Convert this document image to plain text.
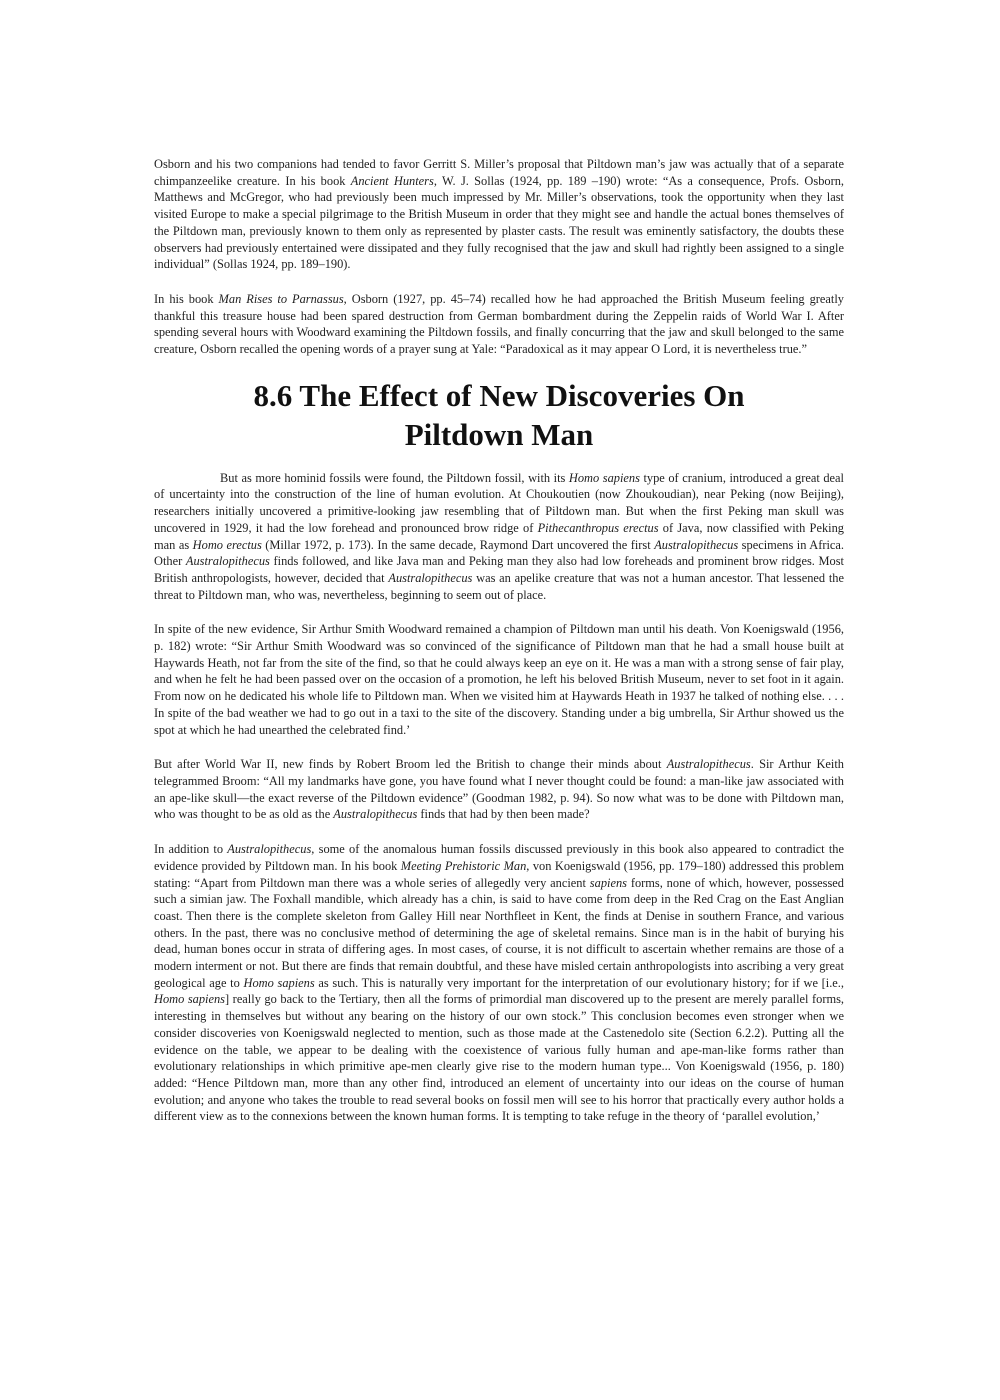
Osborn and his two companions had tended to favor Gerritt S. Miller’s proposal that Piltdown man’s jaw was actually that of a separate chimpanzeelike creature. In his book Ancient Hunters, W. J. Sollas (1924, pp. 189 –190) wrote: “As a consequence, Profs. Osborn, Matthews and McGregor, who had previously been much impressed by Mr. Miller’s observations, took the opportunity when they last visited Europe to make a special pilgrimage to the British Museum in order that they might see and handle the actual bones themselves of the Piltdown man, previously known to them only as represented by plaster casts. The result was eminently satisfactory, the doubts these observers had previously entertained were dissipated and they fully recognised that the jaw and skull had rightly been assigned to a single individual” (Sollas 1924, pp. 189–190).

In his book Man Rises to Parnassus, Osborn (1927, pp. 45–74) recalled how he had approached the British Museum feeling greatly thankful this treasure house had been spared destruction from German bombardment during the Zeppelin raids of World War I. After spending several hours with Woodward examining the Piltdown fossils, and finally concurring that the jaw and skull belonged to the same creature, Osborn recalled the opening words of a prayer sung at Yale: “Paradoxical as it may appear O Lord, it is nevertheless true.”

8.6 The Effect of New Discoveries On
Piltdown Man

But as more hominid fossils were found, the Piltdown fossil, with its Homo sapiens type of cranium, introduced a great deal of uncertainty into the construction of the line of human evolution. At Choukoutien (now Zhoukoudian), near Peking (now Beijing), researchers initially uncovered a primitive-looking jaw resembling that of Piltdown man. But when the first Peking man skull was uncovered in 1929, it had the low forehead and pronounced brow ridge of Pithecanthropus erectus of Java, now classified with Peking man as Homo erectus (Millar 1972, p. 173). In the same decade, Raymond Dart uncovered the first Australopithecus specimens in Africa. Other Australopithecus finds followed, and like Java man and Peking man they also had low foreheads and prominent brow ridges. Most British anthropologists, however, decided that Australopithecus was an apelike creature that was not a human ancestor. That lessened the threat to Piltdown man, who was, nevertheless, beginning to seem out of place.

In spite of the new evidence, Sir Arthur Smith Woodward remained a champion of Piltdown man until his death. Von Koenigswald (1956, p. 182) wrote: “Sir Arthur Smith Woodward was so convinced of the significance of Piltdown man that he had a small house built at Haywards Heath, not far from the site of the find, so that he could always keep an eye on it. He was a man with a strong sense of fair play, and when he felt he had been passed over on the occasion of a promotion, he left his beloved British Museum, never to set foot in it again. From now on he dedicated his whole life to Piltdown man. When we visited him at Haywards Heath in 1937 he talked of nothing else. . . . In spite of the bad weather we had to go out in a taxi to the site of the discovery. Standing under a big umbrella, Sir Arthur showed us the spot at which he had unearthed the celebrated find.’

But after World War II, new finds by Robert Broom led the British to change their minds about Australopithecus. Sir Arthur Keith telegrammed Broom: “All my landmarks have gone, you have found what I never thought could be found: a man-like jaw associated with an ape-like skull—the exact reverse of the Piltdown evidence” (Goodman 1982, p. 94). So now what was to be done with Piltdown man, who was thought to be as old as the Australopithecus finds that had by then been made?

In addition to Australopithecus, some of the anomalous human fossils discussed previously in this book also appeared to contradict the evidence provided by Piltdown man. In his book Meeting Prehistoric Man, von Koenigswald (1956, pp. 179–180) addressed this problem stating: “Apart from Piltdown man there was a whole series of allegedly very ancient sapiens forms, none of which, however, possessed such a simian jaw. The Foxhall mandible, which already has a chin, is said to have come from deep in the Red Crag on the East Anglian coast. Then there is the complete skeleton from Galley Hill near Northfleet in Kent, the finds at Denise in southern France, and various others. In the past, there was no conclusive method of determining the age of skeletal remains. Since man is in the habit of burying his dead, human bones occur in strata of differing ages. In most cases, of course, it is not difficult to ascertain whether remains are those of a modern interment or not. But there are finds that remain doubtful, and these have misled certain anthropologists into ascribing a very great geological age to Homo sapiens as such. This is naturally very important for the interpretation of our evolutionary history; for if we [i.e., Homo sapiens] really go back to the Tertiary, then all the forms of primordial man discovered up to the present are merely parallel forms, interesting in themselves but without any bearing on the history of our own stock.” This conclusion becomes even stronger when we consider discoveries von Koenigswald neglected to mention, such as those made at the Castenedolo site (Section 6.2.2). Putting all the evidence on the table, we appear to be dealing with the coexistence of various fully human and ape-man-like forms rather than evolutionary relationships in which primitive ape-men clearly give rise to the modern human type... Von Koenigswald (1956, p. 180) added: “Hence Piltdown man, more than any other find, introduced an element of uncertainty into our ideas on the course of human evolution; and anyone who takes the trouble to read several books on fossil men will see to his horror that practically every author holds a different view as to the connexions between the known human forms. It is tempting to take refuge in the theory of ‘parallel evolution,’
